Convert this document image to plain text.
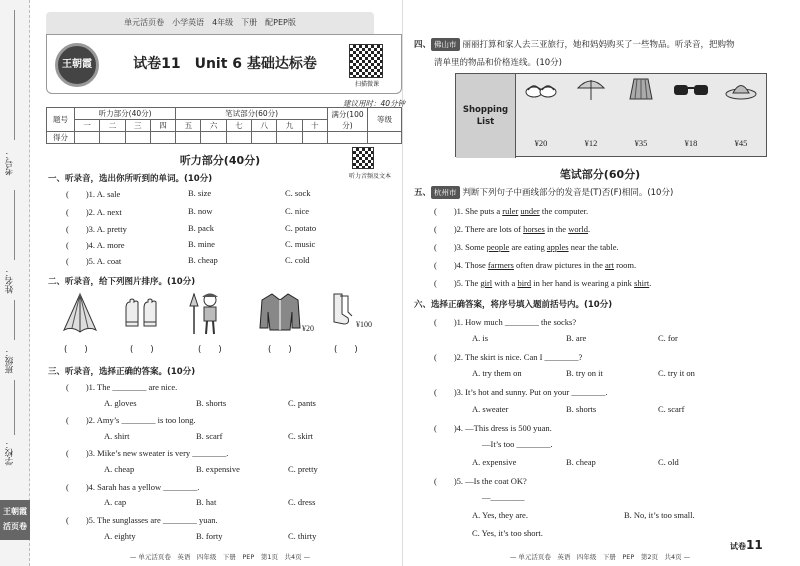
考号：
姓名：
班级：
学校：
王朝霞 活页卷
单元活页卷　小学英语　4年级　下册　配PEP版
王朝霞	试卷11　Unit 6 基础达标卷
扫描微课
建议用时：40分钟
题号	听力部分(40分)				笔试部分(60分)						满分(100分)	等级
	一	二	三	四	五	六	七	八	九	十		
得分												
听力部分(40分)
听力音频及文本
一、听录音，选出你所听到的单词。(10分)
(　　)1. A. sale	B. size	C. sock
(　　)2. A. next	B. now	C. nice
(　　)3. A. pretty	B. pack	C. potato
(　　)4. A. more	B. mine	C. music
(　　)5. A. coat	B. cheap	C. cold
二、听录音，给下列图片排序。(10分)
¥20	¥100
(　　)	(　　)	(　　)	(　　)	(　　)
三、听录音，选择正确的答案。(10分)
(　　)1. The ________ are nice.
A. gloves	B. shorts	C. pants
(　　)2. Amy’s ________ is too long.
A. shirt	B. scarf	C. skirt
(　　)3. Mike’s new sweater is very ________.
A. cheap	B. expensive	C. pretty
(　　)4. Sarah has a yellow ________.
A. cap	B. hat	C. dress
(　　)5. The sunglasses are ________ yuan.
A. eighty	B. forty	C. thirty
— 单元活页卷　英语　四年级　下册　PEP　第1页　共4页 —
四、 佛山市 丽丽打算和家人去三亚旅行，她和妈妈购买了一些物品。听录音，把购物
清单里的物品和价格连线。(10分)
Shopping
List
¥20	¥12	¥35	¥18	¥45
笔试部分(60分)
五、 杭州市 判断下列句子中画线部分的发音是(T)否(F)相同。(10分)
(　　)1. She puts a ruler under the computer.
(　　)2. There are lots of horses in the world.
(　　)3. Some people are eating apples near the table.
(　　)4. Those farmers often draw pictures in the art room.
(　　)5. The girl with a bird in her hand is wearing a pink shirt.
六、选择正确答案，将序号填入题前括号内。(10分)
(　　)1. How much ________ the socks?
A. is	B. are	C. for
(　　)2. The skirt is nice. Can I ________?
A. try them on	B. try on it	C. try it on
(　　)3. It’s hot and sunny. Put on your ________.
A. sweater	B. shorts	C. scarf
(　　)4. —This dress is 500 yuan.
—It’s too ________.
A. expensive	B. cheap	C. old
(　　)5. —Is the coat OK?
—________
A. Yes, they are.	B. No, it’s too small.
C. Yes, it’s too short.
— 单元活页卷　英语　四年级　下册　PEP　第2页　共4页 —
试卷11
